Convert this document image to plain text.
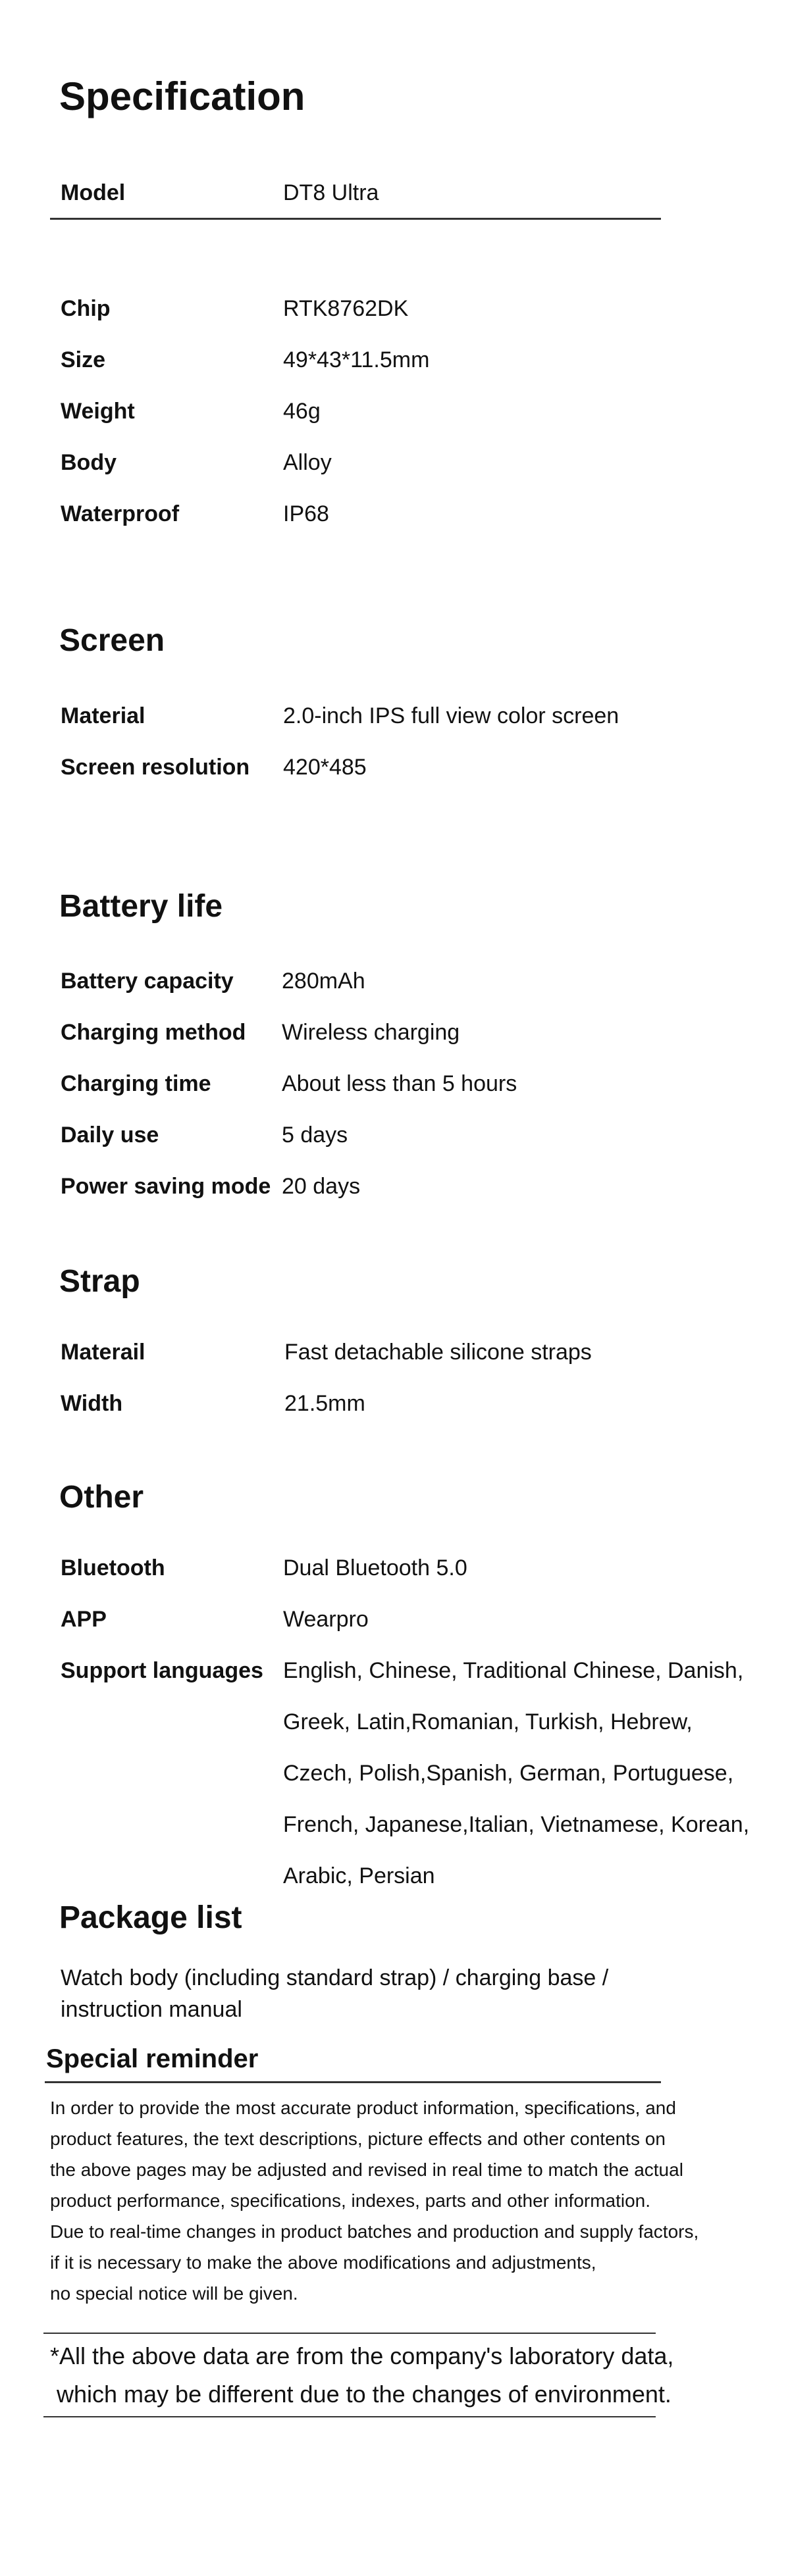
Specification
Model	DT8 Ultra
Chip	RTK8762DK
Size	49*43*11.5mm
Weight	46g
Body	Alloy
Waterproof	IP68
Screen
Material	2.0-inch IPS full view color screen
Screen resolution 420*485
Battery life
Battery capacity 280mAh
Charging method Wireless charging
Charging time	About less than 5 hours
Daily use	5 days
Power saving mode 20 days
Strap
Materail	Fast detachable silicone straps
Width	21.5mm
Other
Bluetooth	Dual Bluetooth 5.0
APP	Wearpro
Support languages English, Chinese, Traditional Chinese, Danish,
Greek, Latin,Romanian, Turkish, Hebrew,
Czech, Polish,Spanish, German, Portuguese,
French, Japanese,Italian, Vietnamese, Korean,
Arabic, Persian
Package list
Watch body (including standard strap) / charging base /
instruction manual
Special reminder
In order to provide the most accurate product information, specifications, and
product features, the text descriptions, picture effects and other contents on
the above pages may be adjusted and revised in real time to match the actual
product performance, specifications, indexes, parts and other information.
Due to real-time changes in product batches and production and supply factors,
if it is necessary to make the above modifications and adjustments,
no special notice will be given.
*All the above data are from the company's laboratory data,
which may be different due to the changes of environment.
